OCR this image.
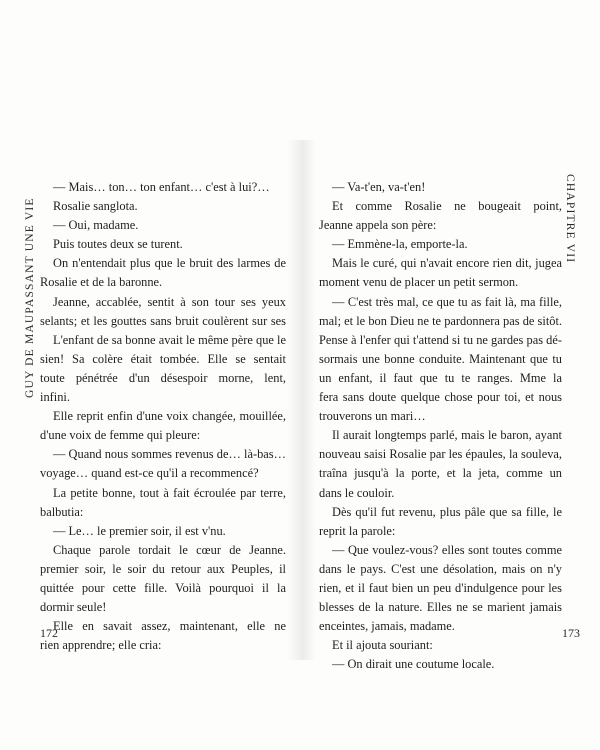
GUY DE MAUPASSANT UNE VIE
— Mais… ton… ton enfant… c'est à lui?…
Rosalie sanglota.
— Oui, madame.
Puis toutes deux se turent.
On n'entendait plus que le bruit des larmes de
Rosalie et de la baronne.
Jeanne, accablée, sentit à son tour ses yeux
selants; et les gouttes sans bruit coulèrent sur ses
L'enfant de sa bonne avait le même père que le
sien! Sa colère était tombée. Elle se sentait
toute pénétrée d'un désespoir morne, lent,
infini.
Elle reprit enfin d'une voix changée, mouillée,
d'une voix de femme qui pleure:
— Quand nous sommes revenus de… là-bas…
voyage… quand est-ce qu'il a recommencé?
La petite bonne, tout à fait écroulée par terre,
balbutia:
— Le… le premier soir, il est v'nu.
Chaque parole tordait le cœur de Jeanne.
premier soir, le soir du retour aux Peuples, il
quittée pour cette fille. Voilà pourquoi il la
dormir seule!
Elle en savait assez, maintenant, elle ne
rien apprendre; elle cria:
172
CHAPITRE VII
— Va-t'en, va-t'en!
Et comme Rosalie ne bougeait point,
Jeanne appela son père:
— Emmène-la, emporte-la.
Mais le curé, qui n'avait encore rien dit, jugea
moment venu de placer un petit sermon.
— C'est très mal, ce que tu as fait là, ma fille,
mal; et le bon Dieu ne te pardonnera pas de sitôt.
Pense à l'enfer qui t'attend si tu ne gardes pas dé-
sormais une bonne conduite. Maintenant que tu
un enfant, il faut que tu te ranges. Mme la
fera sans doute quelque chose pour toi, et nous
trouverons un mari…
Il aurait longtemps parlé, mais le baron, ayant
nouveau saisi Rosalie par les épaules, la souleva,
traîna jusqu'à la porte, et la jeta, comme un
dans le couloir.
Dès qu'il fut revenu, plus pâle que sa fille, le
reprit la parole:
— Que voulez-vous? elles sont toutes comme
dans le pays. C'est une désolation, mais on n'y
rien, et il faut bien un peu d'indulgence pour les
blesses de la nature. Elles ne se marient jamais
enceintes, jamais, madame.
Et il ajouta souriant:
— On dirait une coutume locale.
173
